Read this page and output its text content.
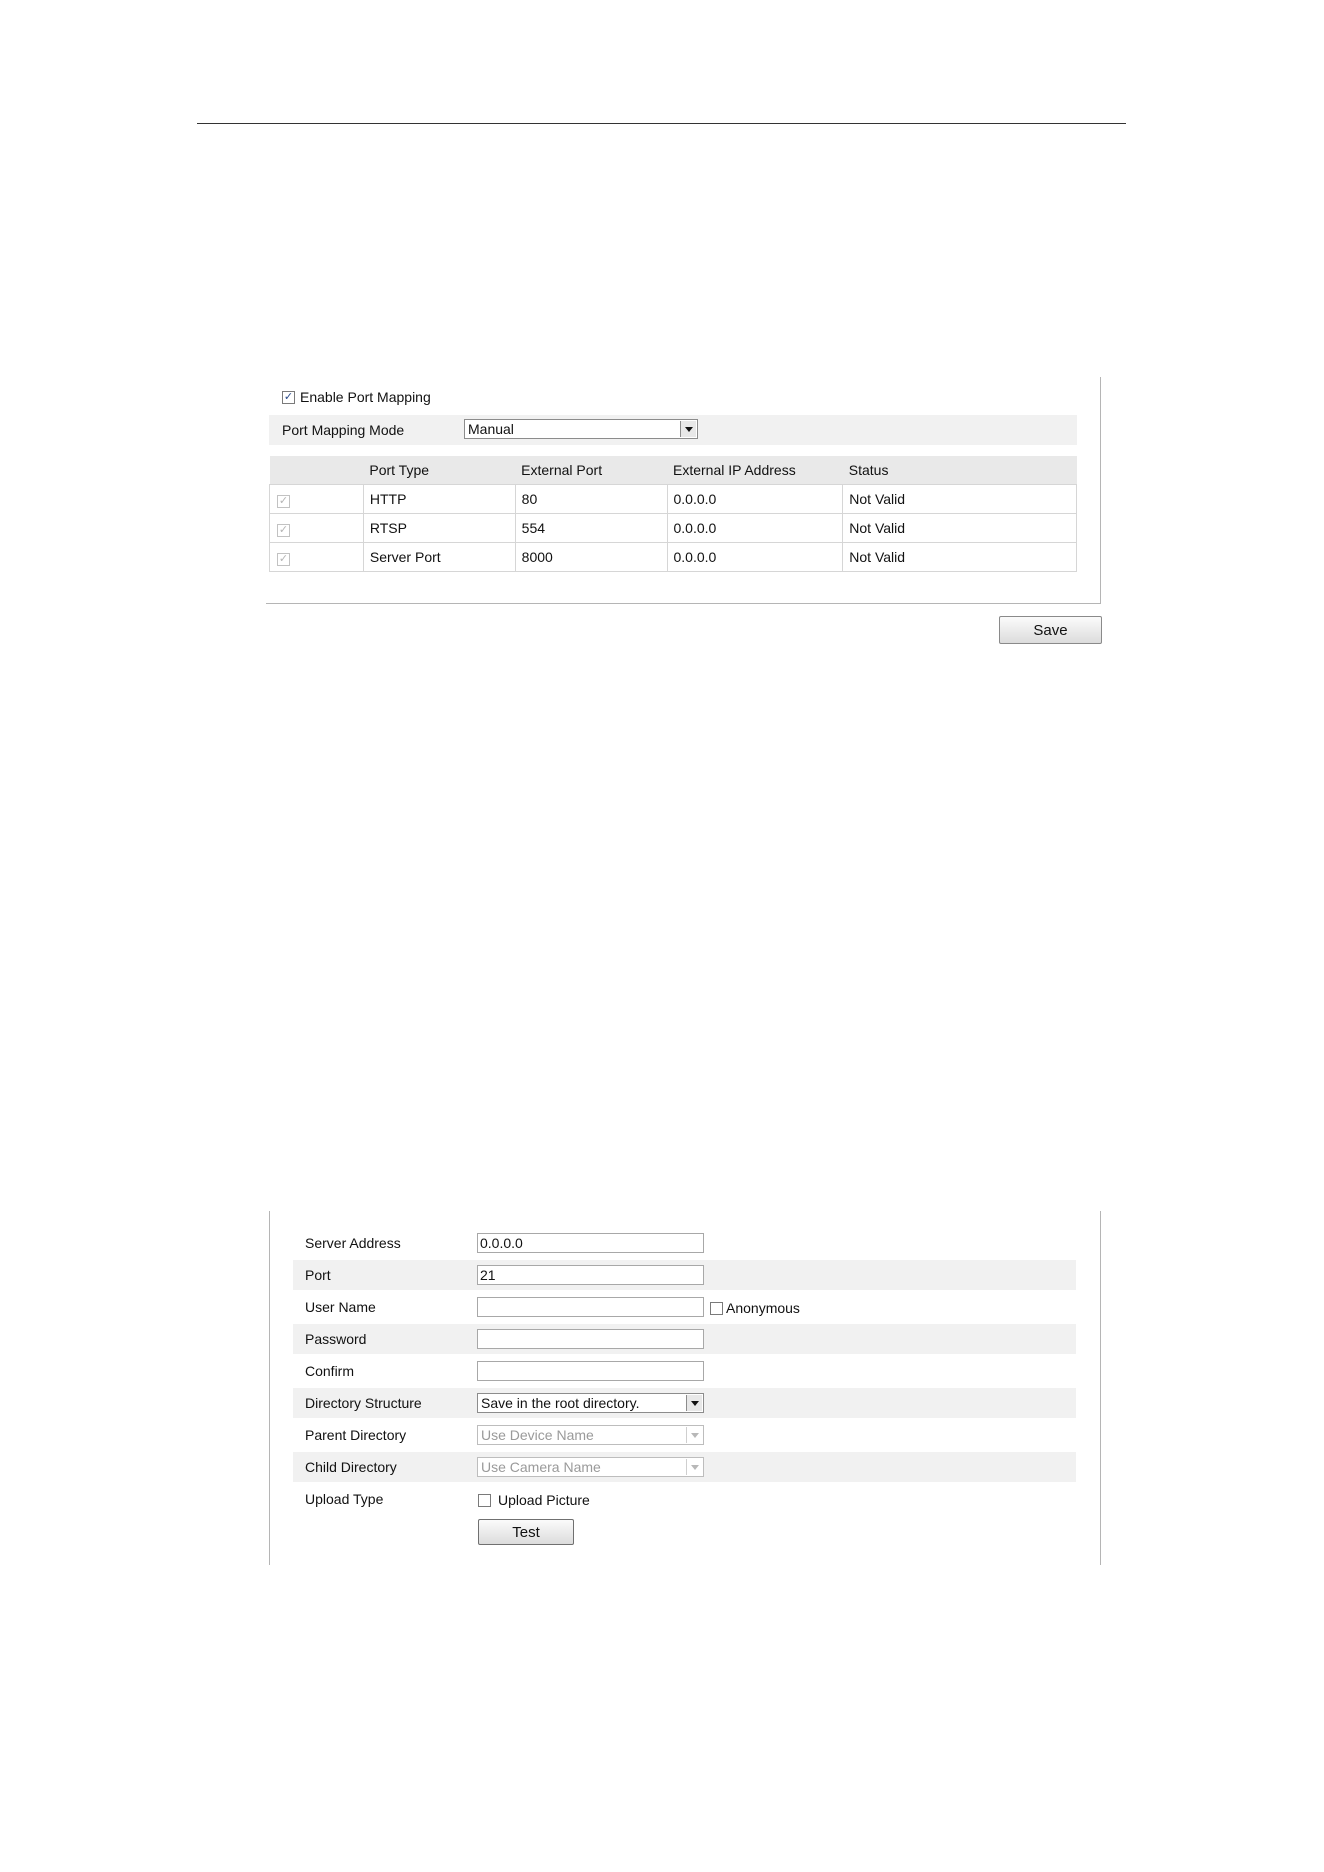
✓ Enable Port Mapping
Port Mapping Mode	Manual
	Port Type	External Port	External IP Address	Status
✓	HTTP	80	0.0.0.0	Not Valid
✓	RTSP	554	0.0.0.0	Not Valid
✓	Server Port	8000	0.0.0.0	Not Valid
Save
Server Address	0.0.0.0
Port	21
User Name	Anonymous
Password
Confirm
Directory Structure	Save in the root directory.
Parent Directory	Use Device Name
Child Directory	Use Camera Name
Upload Type	Upload Picture
Test
